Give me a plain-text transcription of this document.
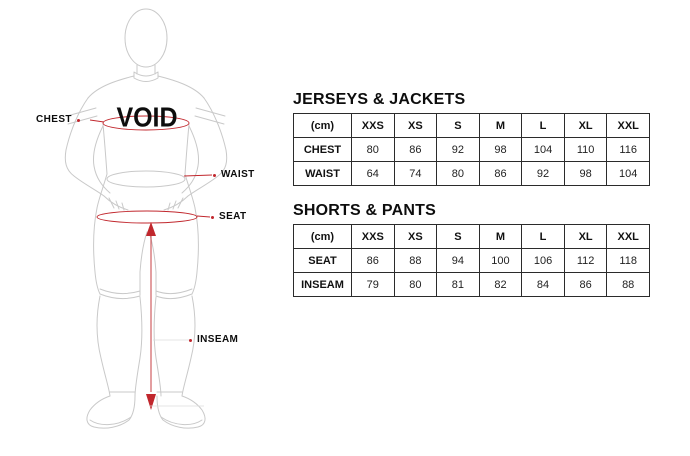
VOID
CHEST
WAIST
SEAT
INSEAM
JERSEYS & JACKETS
(cm)	XXS	XS	S	M	L	XL	XXL
CHEST	80	86	92	98	104	110	116
WAIST	64	74	80	86	92	98	104
SHORTS & PANTS
(cm)	XXS	XS	S	M	L	XL	XXL
SEAT	86	88	94	100	106	112	118
INSEAM	79	80	81	82	84	86	88
